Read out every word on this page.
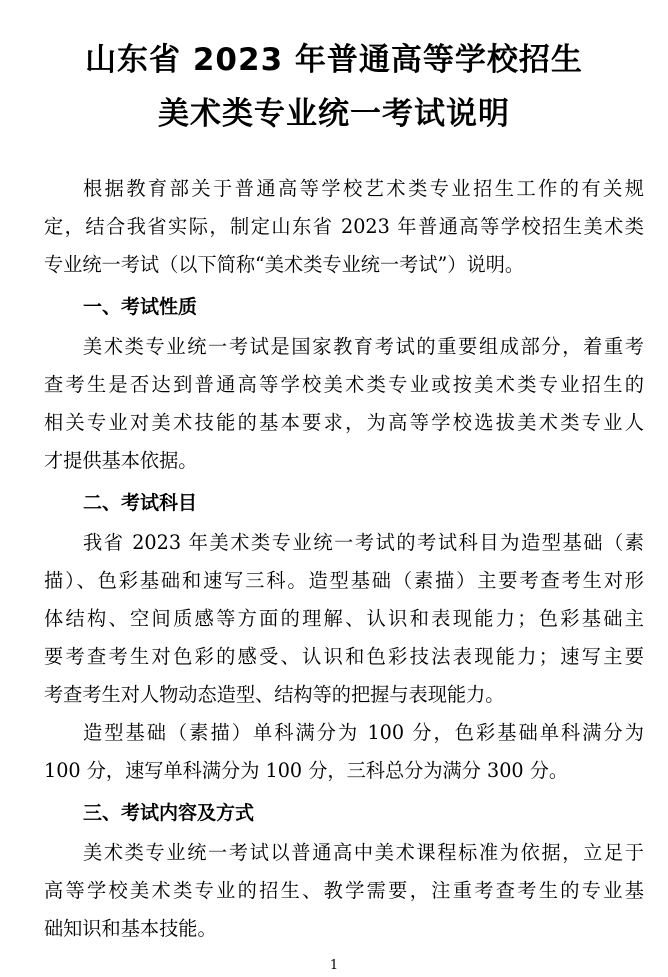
山东省 2023 年普通高等学校招生
美术类专业统一考试说明
根据教育部关于普通高等学校艺术类专业招生工作的有关规
定，结合我省实际，制定山东省 2023 年普通高等学校招生美术类
专业统一考试（以下简称“美术类专业统一考试”）说明。
一、考试性质
美术类专业统一考试是国家教育考试的重要组成部分，着重考
查考生是否达到普通高等学校美术类专业或按美术类专业招生的
相关专业对美术技能的基本要求，为高等学校选拔美术类专业人
才提供基本依据。
二、考试科目
我省 2023 年美术类专业统一考试的考试科目为造型基础（素
描）、色彩基础和速写三科。造型基础（素描）主要考查考生对形
体结构、空间质感等方面的理解、认识和表现能力；色彩基础主
要考查考生对色彩的感受、认识和色彩技法表现能力；速写主要
考查考生对人物动态造型、结构等的把握与表现能力。
造型基础（素描）单科满分为 100 分，色彩基础单科满分为
100 分，速写单科满分为 100 分，三科总分为满分 300 分。
三、考试内容及方式
美术类专业统一考试以普通高中美术课程标准为依据，立足于
高等学校美术类专业的招生、教学需要，注重考查考生的专业基
础知识和基本技能。
1
